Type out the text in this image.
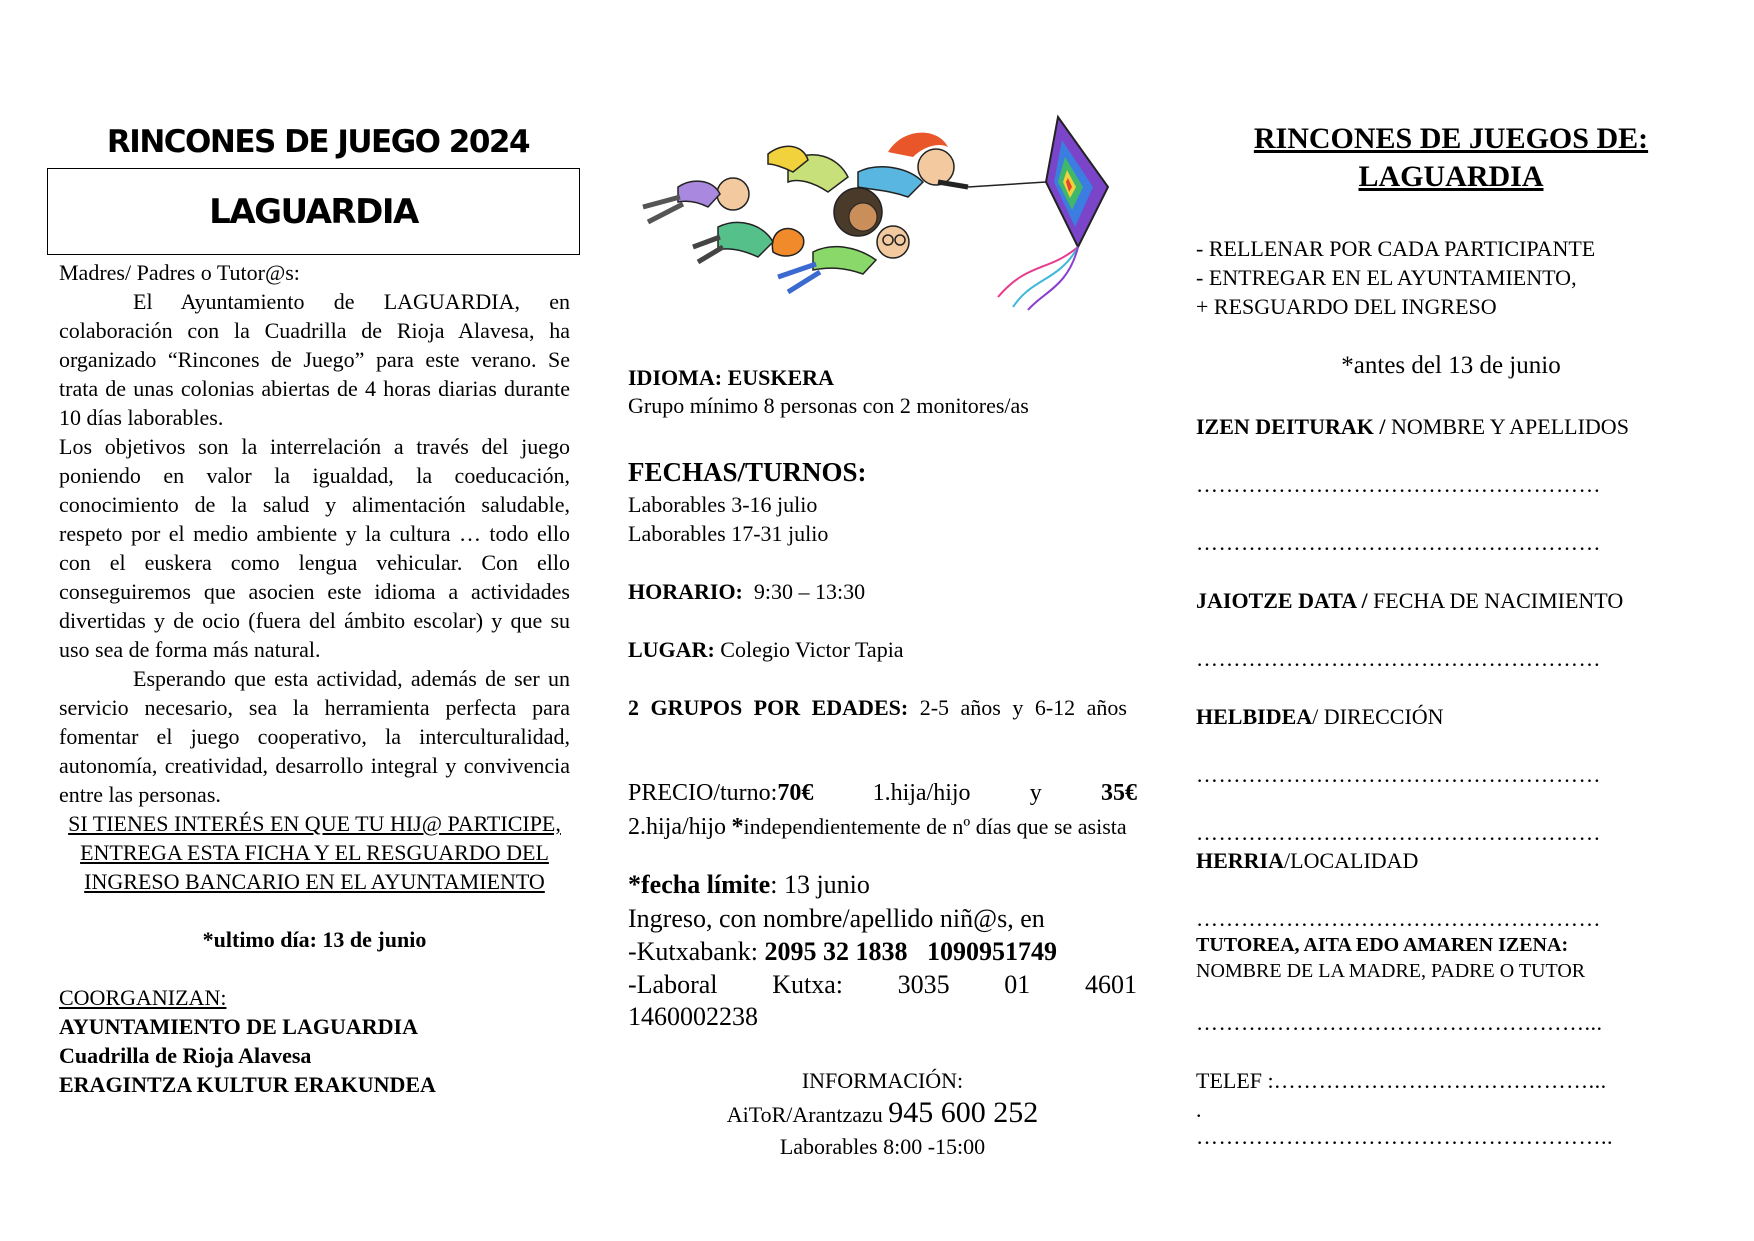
RINCONES DE JUEGO 2024
LAGUARDIA

Madres/ Padres o Tutor@s:

El Ayuntamiento de LAGUARDIA, en colaboración con la Cuadrilla de Rioja Alavesa, ha organizado “Rincones de Juego” para este verano. Se trata de unas colonias abiertas de 4 horas diarias durante 10 días laborables.

Los objetivos son la interrelación a través del juego poniendo en valor la igualdad, la coeducación, conocimiento de la salud y alimentación saludable, respeto por el medio ambiente y la cultura … todo ello con el euskera como lengua vehicular. Con ello conseguiremos que asocien este idioma a actividades divertidas y de ocio (fuera del ámbito escolar) y que su uso sea de forma más natural.

Esperando que esta actividad, además de ser un servicio necesario, sea la herramienta perfecta para fomentar el juego cooperativo, la interculturalidad, autonomía, creatividad, desarrollo integral y convivencia entre las personas.

SI TIENES INTERÉS EN QUE TU HIJ@ PARTICIPE, ENTREGA ESTA FICHA Y EL RESGUARDO DEL INGRESO BANCARIO EN EL AYUNTAMIENTO

*ultimo día: 13 de junio

COORGANIZAN:

AYUNTAMIENTO DE LAGUARDIA

Cuadrilla de Rioja Alavesa

ERAGINTZA KULTUR ERAKUNDEA

IDIOMA: EUSKERA

Grupo mínimo 8 personas con 2 monitores/as

FECHAS/TURNOS:

Laborables 3-16 julio

Laborables 17-31 julio

HORARIO: 9:30 – 13:30

LUGAR: Colegio Victor Tapia

2 GRUPOS POR EDADES: 2-5 años y 6-12 años

PRECIO/turno:70€ 1.hija/hijo y 35€

2.hija/hijo *independientemente de nº días que se asista

*fecha límite: 13 junio

Ingreso, con nombre/apellido niñ@s, en

-Kutxabank: 2095 32 1838   1090951749

-Laboral Kutxa: 3035 01 4601

1460002238

INFORMACIÓN:

AiToR/Arantzazu 945 600 252

Laborables 8:00 -15:00

RINCONES DE JUEGOS DE:

LAGUARDIA

- RELLENAR POR CADA PARTICIPANTE

- ENTREGAR EN EL AYUNTAMIENTO,

+ RESGUARDO DEL INGRESO

*antes del 13 de junio

IZEN DEITURAK / NOMBRE Y APELLIDOS

………………………………………………

………………………………………………

JAIOTZE DATA / FECHA DE NACIMIENTO

………………………………………………

HELBIDEA/ DIRECCIÓN

………………………………………………

………………………………………………

HERRIA/LOCALIDAD

………………………………………………

TUTOREA, AITA EDO AMAREN IZENA:

NOMBRE DE LA MADRE, PADRE O TUTOR

……….……………………………………...

TELEF :……………………………………...

.

………………………………………………..
